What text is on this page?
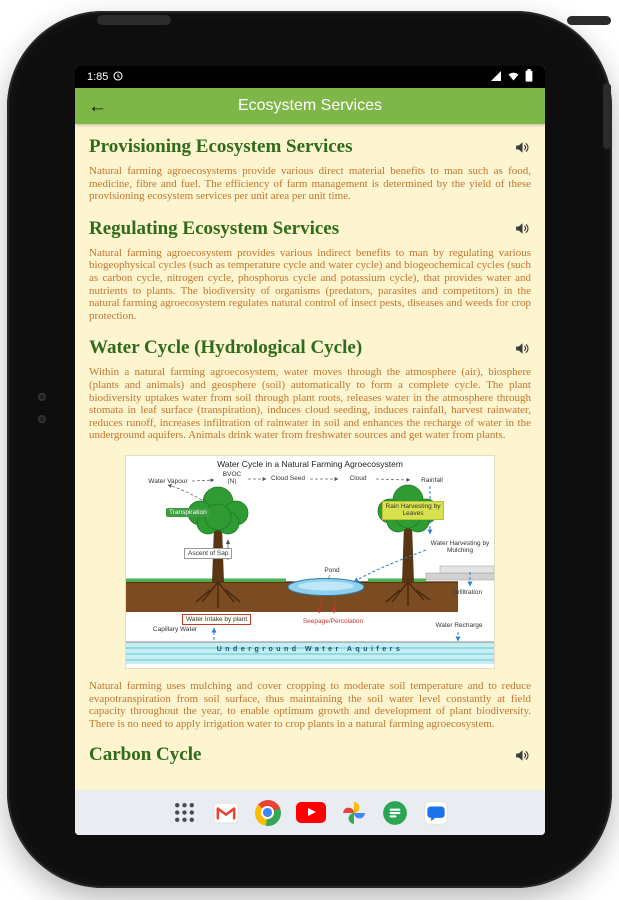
1:85
←	Ecosystem Services
Provisioning Ecosystem Services

Natural farming agroecosystems provide various direct material benefits to man such as food, medicine, fibre and fuel. The efficiency of farm management is determined by the yield of these provisioning ecosystem services per unit area per unit time.

Regulating Ecosystem Services

Natural farming agroecosystem provides various indirect benefits to man by regulating various biogeophysical cycles (such as temperature cycle and water cycle) and biogeochemical cycles (such as carbon cycle, nitrogen cycle, phosphorus cycle and potassium cycle), that provides water and nutrients to plants. The biodiversity of organisms (predators, parasites and competitors) in the natural farming agroecosystem regulates natural control of insect pests, diseases and weeds for crop protection.

Water Cycle (Hydrological Cycle)

Within a natural farming agroecosystem, water moves through the atmosphere (air), biosphere (plants and animals) and geosphere (soil) automatically to form a complete cycle. The plant biodiversity uptakes water from soil through plant roots, releases water in the atmosphere through stomata in leaf surface (transpiration), induces cloud seeding, induces rainfall, harvest rainwater, reduces runoff, increases infiltration of rainwater in soil and enhances the recharge of water in the underground aquifers. Animals drink water from freshwater sources and get water from plants.

Water Cycle in a Natural Farming Agroecosystem
Water Vapour
BVOC (N)	Cloud Seed	Cloud	Rainfall
Transpiration
Rain Harvesting by Leaves
Ascent of Sap
Pond
Water Harvesting by Mulching
Infiltration
Water Intake by plant	Seepage/Percolation
Water Recharge
Capillary Water
Underground Water Aquifers

Natural farming uses mulching and cover cropping to moderate soil temperature and to reduce evapotranspiration from soil surface, thus maintaining the soil water level constantly at field capacity throughout the year, to enable optimum growth and development of plant biodiversity. There is no need to apply irrigation water to crop plants in a natural farming agroecosystem.

Carbon Cycle
